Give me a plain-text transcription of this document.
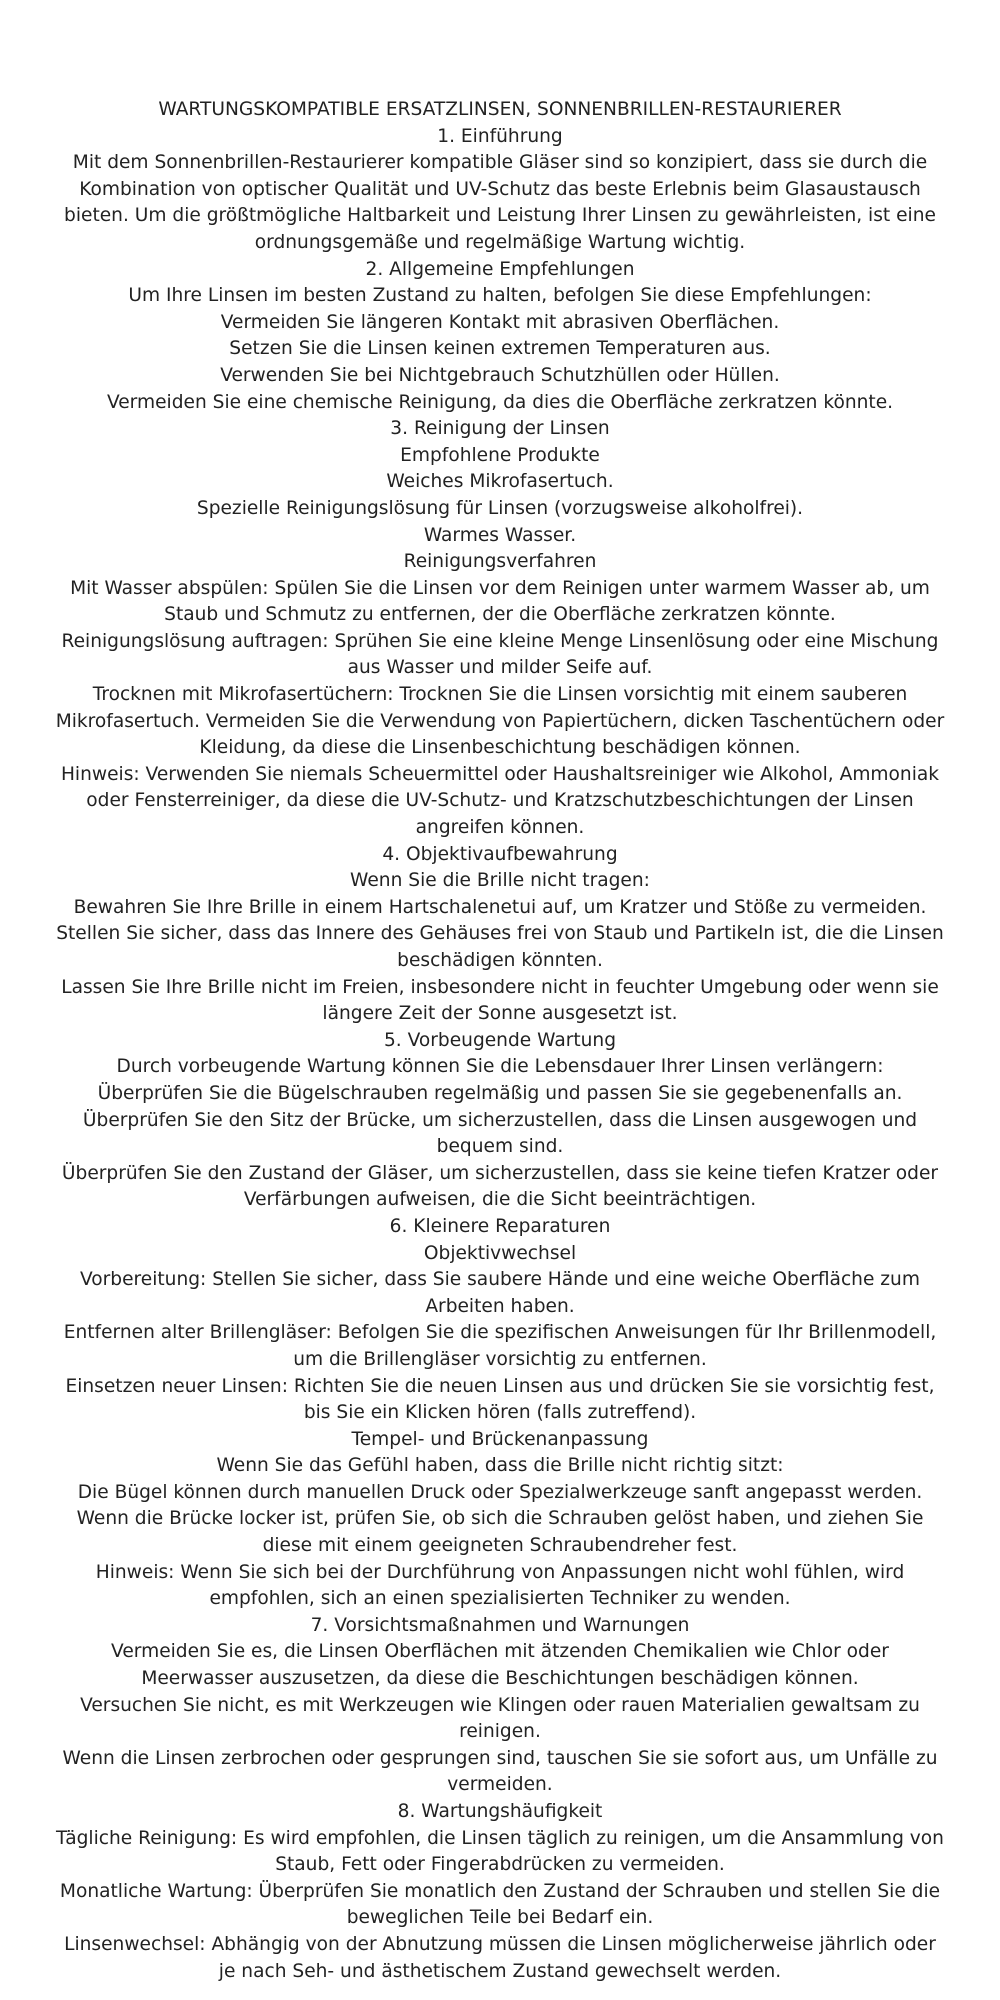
WARTUNGSKOMPATIBLE ERSATZLINSEN, SONNENBRILLEN-RESTAURIERER

1. Einführung

Mit dem Sonnenbrillen-Restaurierer kompatible Gläser sind so konzipiert, dass sie durch die Kombination von optischer Qualität und UV-Schutz das beste Erlebnis beim Glasaustausch bieten. Um die größtmögliche Haltbarkeit und Leistung Ihrer Linsen zu gewährleisten, ist eine ordnungsgemäße und regelmäßige Wartung wichtig.

2. Allgemeine Empfehlungen

Um Ihre Linsen im besten Zustand zu halten, befolgen Sie diese Empfehlungen:

Vermeiden Sie längeren Kontakt mit abrasiven Oberflächen.

Setzen Sie die Linsen keinen extremen Temperaturen aus.

Verwenden Sie bei Nichtgebrauch Schutzhüllen oder Hüllen.

Vermeiden Sie eine chemische Reinigung, da dies die Oberfläche zerkratzen könnte.

3. Reinigung der Linsen

Empfohlene Produkte

Weiches Mikrofasertuch.

Spezielle Reinigungslösung für Linsen (vorzugsweise alkoholfrei).

Warmes Wasser.

Reinigungsverfahren

Mit Wasser abspülen: Spülen Sie die Linsen vor dem Reinigen unter warmem Wasser ab, um Staub und Schmutz zu entfernen, der die Oberfläche zerkratzen könnte.

Reinigungslösung auftragen: Sprühen Sie eine kleine Menge Linsenlösung oder eine Mischung aus Wasser und milder Seife auf.

Trocknen mit Mikrofasertüchern: Trocknen Sie die Linsen vorsichtig mit einem sauberen Mikrofasertuch. Vermeiden Sie die Verwendung von Papiertüchern, dicken Taschentüchern oder Kleidung, da diese die Linsenbeschichtung beschädigen können.

Hinweis: Verwenden Sie niemals Scheuermittel oder Haushaltsreiniger wie Alkohol, Ammoniak oder Fensterreiniger, da diese die UV-Schutz- und Kratzschutzbeschichtungen der Linsen angreifen können.

4. Objektivaufbewahrung

Wenn Sie die Brille nicht tragen:

Bewahren Sie Ihre Brille in einem Hartschalenetui auf, um Kratzer und Stöße zu vermeiden.

Stellen Sie sicher, dass das Innere des Gehäuses frei von Staub und Partikeln ist, die die Linsen beschädigen könnten.

Lassen Sie Ihre Brille nicht im Freien, insbesondere nicht in feuchter Umgebung oder wenn sie längere Zeit der Sonne ausgesetzt ist.

5. Vorbeugende Wartung

Durch vorbeugende Wartung können Sie die Lebensdauer Ihrer Linsen verlängern:

Überprüfen Sie die Bügelschrauben regelmäßig und passen Sie sie gegebenenfalls an.

Überprüfen Sie den Sitz der Brücke, um sicherzustellen, dass die Linsen ausgewogen und bequem sind.

Überprüfen Sie den Zustand der Gläser, um sicherzustellen, dass sie keine tiefen Kratzer oder Verfärbungen aufweisen, die die Sicht beeinträchtigen.

6. Kleinere Reparaturen

Objektivwechsel

Vorbereitung: Stellen Sie sicher, dass Sie saubere Hände und eine weiche Oberfläche zum Arbeiten haben.

Entfernen alter Brillengläser: Befolgen Sie die spezifischen Anweisungen für Ihr Brillenmodell, um die Brillengläser vorsichtig zu entfernen.

Einsetzen neuer Linsen: Richten Sie die neuen Linsen aus und drücken Sie sie vorsichtig fest, bis Sie ein Klicken hören (falls zutreffend).

Tempel- und Brückenanpassung

Wenn Sie das Gefühl haben, dass die Brille nicht richtig sitzt:

Die Bügel können durch manuellen Druck oder Spezialwerkzeuge sanft angepasst werden.

Wenn die Brücke locker ist, prüfen Sie, ob sich die Schrauben gelöst haben, und ziehen Sie diese mit einem geeigneten Schraubendreher fest.

Hinweis: Wenn Sie sich bei der Durchführung von Anpassungen nicht wohl fühlen, wird empfohlen, sich an einen spezialisierten Techniker zu wenden.

7. Vorsichtsmaßnahmen und Warnungen

Vermeiden Sie es, die Linsen Oberflächen mit ätzenden Chemikalien wie Chlor oder Meerwasser auszusetzen, da diese die Beschichtungen beschädigen können.

Versuchen Sie nicht, es mit Werkzeugen wie Klingen oder rauen Materialien gewaltsam zu reinigen.

Wenn die Linsen zerbrochen oder gesprungen sind, tauschen Sie sie sofort aus, um Unfälle zu vermeiden.

8. Wartungshäufigkeit

Tägliche Reinigung: Es wird empfohlen, die Linsen täglich zu reinigen, um die Ansammlung von Staub, Fett oder Fingerabdrücken zu vermeiden.

Monatliche Wartung: Überprüfen Sie monatlich den Zustand der Schrauben und stellen Sie die beweglichen Teile bei Bedarf ein.

Linsenwechsel: Abhängig von der Abnutzung müssen die Linsen möglicherweise jährlich oder je nach Seh- und ästhetischem Zustand gewechselt werden.
